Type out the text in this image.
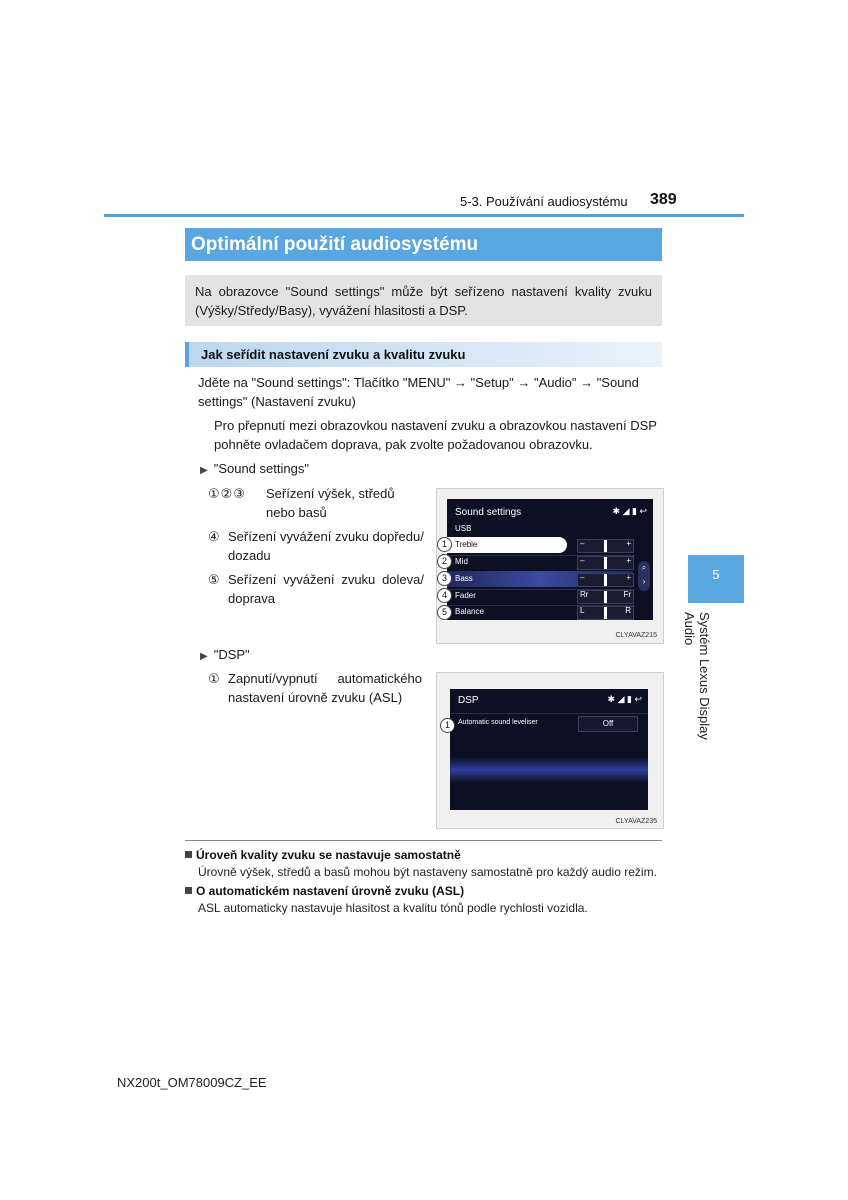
5-3. Používání audiosystému 389
Optimální použití audiosystému
Na obrazovce "Sound settings" může být seřízeno nastavení kvality zvuku (Výšky/Středy/Basy), vyvážení hlasitosti a DSP.
Jak seřídit nastavení zvuku a kvalitu zvuku
Jděte na "Sound settings": Tlačítko "MENU" → "Setup" → "Audio" → "Sound settings" (Nastavení zvuku)
Pro přepnutí mezi obrazovkou nastavení zvuku a obrazovkou nastavení DSP pohněte ovladačem doprava, pak zvolte požadovanou obrazovku.
▶ "Sound settings"
①②③ Seřízení výšek, středů nebo basů
④ Seřízení vyvážení zvuku dopředu/ dozadu
⑤ Seřízení vyvážení zvuku doleva/ doprava
Sound settings	✱ ◢ ▮ ↩
USB
Treble	–	+
Mid	–	+
Bass	–	+
Fader	Rr	Fr
Balance	L	R
⌕
›
1
2
3
4
5
CLYAVAZ215
▶ "DSP"
① Zapnutí/vypnutí automatického nastavení úrovně zvuku (ASL)	DSP	✱ ◢ ▮ ↩
Automatic sound leveliser	Off
1
CLYAVAZ235
Úroveň kvality zvuku se nastavuje samostatně
Úrovně výšek, středů a basů mohou být nastaveny samostatně pro každý audio režim.
O automatickém nastavení úrovně zvuku (ASL)
ASL automaticky nastavuje hlasitost a kvalitu tónů podle rychlosti vozidla.
5
Systém Lexus Display Audio
NX200t_OM78009CZ_EE
